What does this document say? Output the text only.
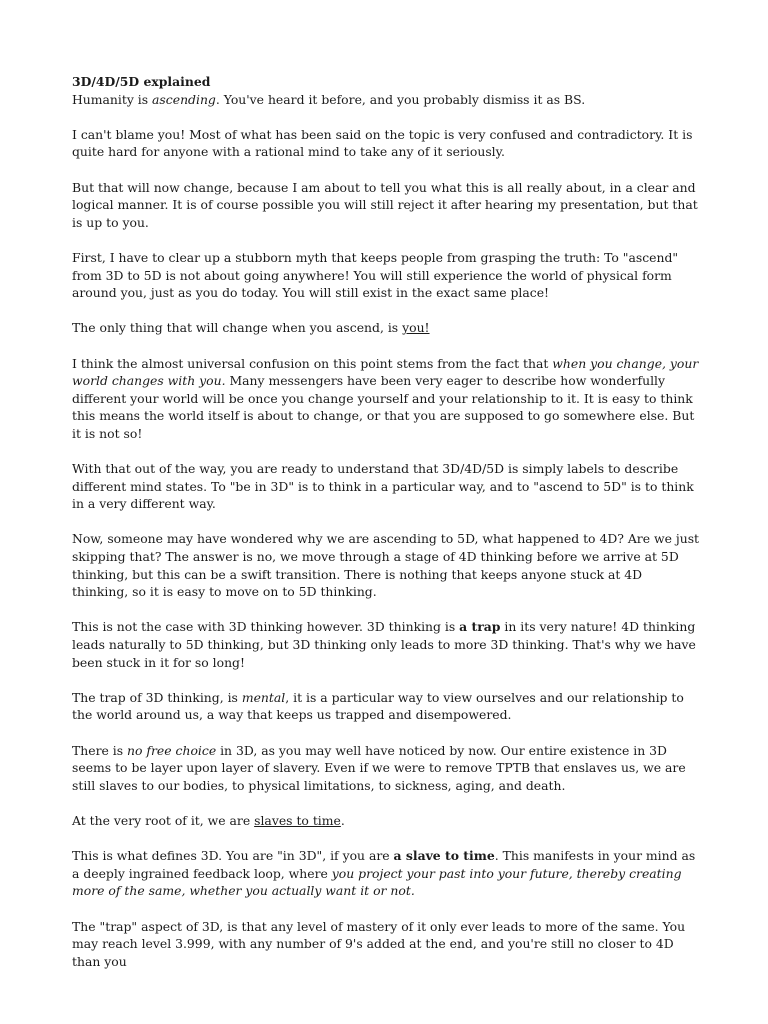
3D/4D/5D explained
Humanity is ascending. You've heard it before, and you probably dismiss it as BS.

I can't blame you! Most of what has been said on the topic is very confused and contradictory. It is quite hard for anyone with a rational mind to take any of it seriously.

But that will now change, because I am about to tell you what this is all really about, in a clear and logical manner. It is of course possible you will still reject it after hearing my presentation, but that is up to you.

First, I have to clear up a stubborn myth that keeps people from grasping the truth: To "ascend" from 3D to 5D is not about going anywhere! You will still experience the world of physical form around you, just as you do today. You will still exist in the exact same place!

The only thing that will change when you ascend, is you!

I think the almost universal confusion on this point stems from the fact that when you change, your world changes with you. Many messengers have been very eager to describe how wonderfully different your world will be once you change yourself and your relationship to it. It is easy to think this means the world itself is about to change, or that you are supposed to go somewhere else. But it is not so!

With that out of the way, you are ready to understand that 3D/4D/5D is simply labels to describe different mind states. To "be in 3D" is to think in a particular way, and to "ascend to 5D" is to think in a very different way.

Now, someone may have wondered why we are ascending to 5D, what happened to 4D? Are we just skipping that? The answer is no, we move through a stage of 4D thinking before we arrive at 5D thinking, but this can be a swift transition. There is nothing that keeps anyone stuck at 4D thinking, so it is easy to move on to 5D thinking.

This is not the case with 3D thinking however. 3D thinking is a trap in its very nature! 4D thinking leads naturally to 5D thinking, but 3D thinking only leads to more 3D thinking. That's why we have been stuck in it for so long!

The trap of 3D thinking, is mental, it is a particular way to view ourselves and our relationship to the world around us, a way that keeps us trapped and disempowered.

There is no free choice in 3D, as you may well have noticed by now. Our entire existence in 3D seems to be layer upon layer of slavery. Even if we were to remove TPTB that enslaves us, we are still slaves to our bodies, to physical limitations, to sickness, aging, and death.

At the very root of it, we are slaves to time.

This is what defines 3D. You are "in 3D", if you are a slave to time. This manifests in your mind as a deeply ingrained feedback loop, where you project your past into your future, thereby creating more of the same, whether you actually want it or not.

The "trap" aspect of 3D, is that any level of mastery of it only ever leads to more of the same. You may reach level 3.999, with any number of 9's added at the end, and you're still no closer to 4D than you
